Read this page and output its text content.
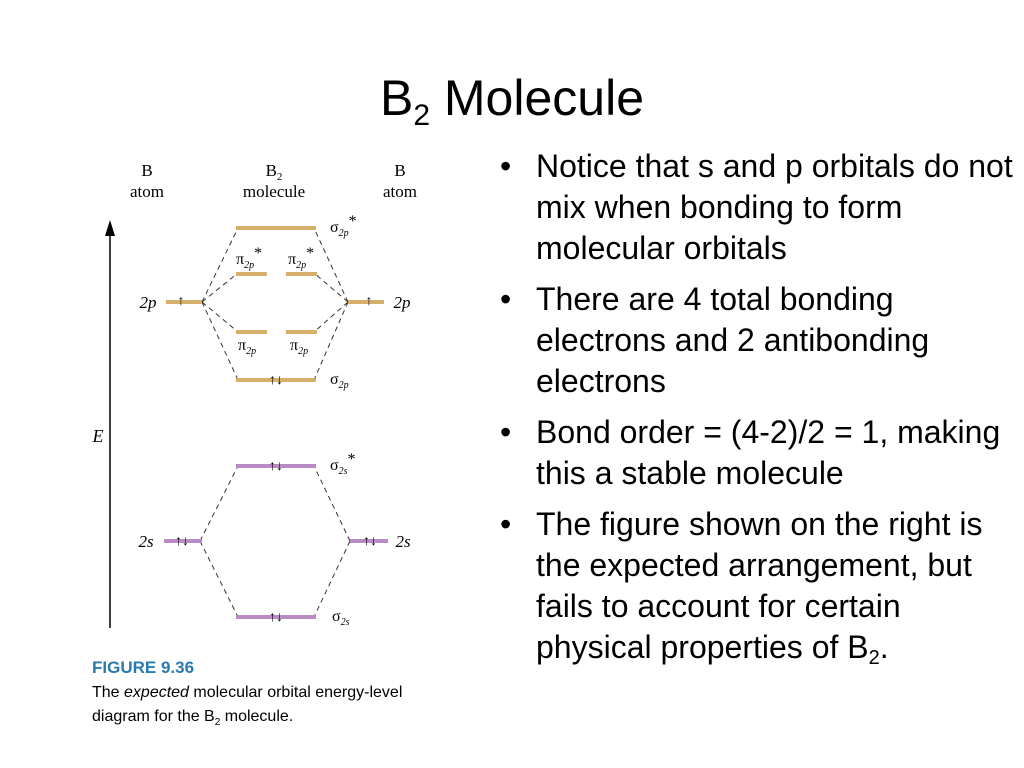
$B_2$ Molecule
• Notice that s and p orbitals do not mix when bonding to form molecular orbitals
• There are 4 total bonding electrons and 2 antibonding electrons
• Bond order = (4-2)/2 = 1, making this a stable molecule
• The figure shown on the right is the expected arrangement, but fails to account for certain physical properties of $B_2$.
B
atom
$B_2$
molecule
B
atom
E
2p	2p
↑	↑
$\sigma_{2p}*$
$\pi_{2p}*$ $\pi_{2p}*$
$\pi_{2p}$ $\pi_{2p}$
↑↓	$\sigma_{2p}$
↑↓	$\sigma_{2s}*$
2s	2s
↑↓	↑↓
↑↓	$\sigma_{2s}$
FIGURE 9.36
The expected molecular orbital energy-level
diagram for the $B_2$ molecule.
